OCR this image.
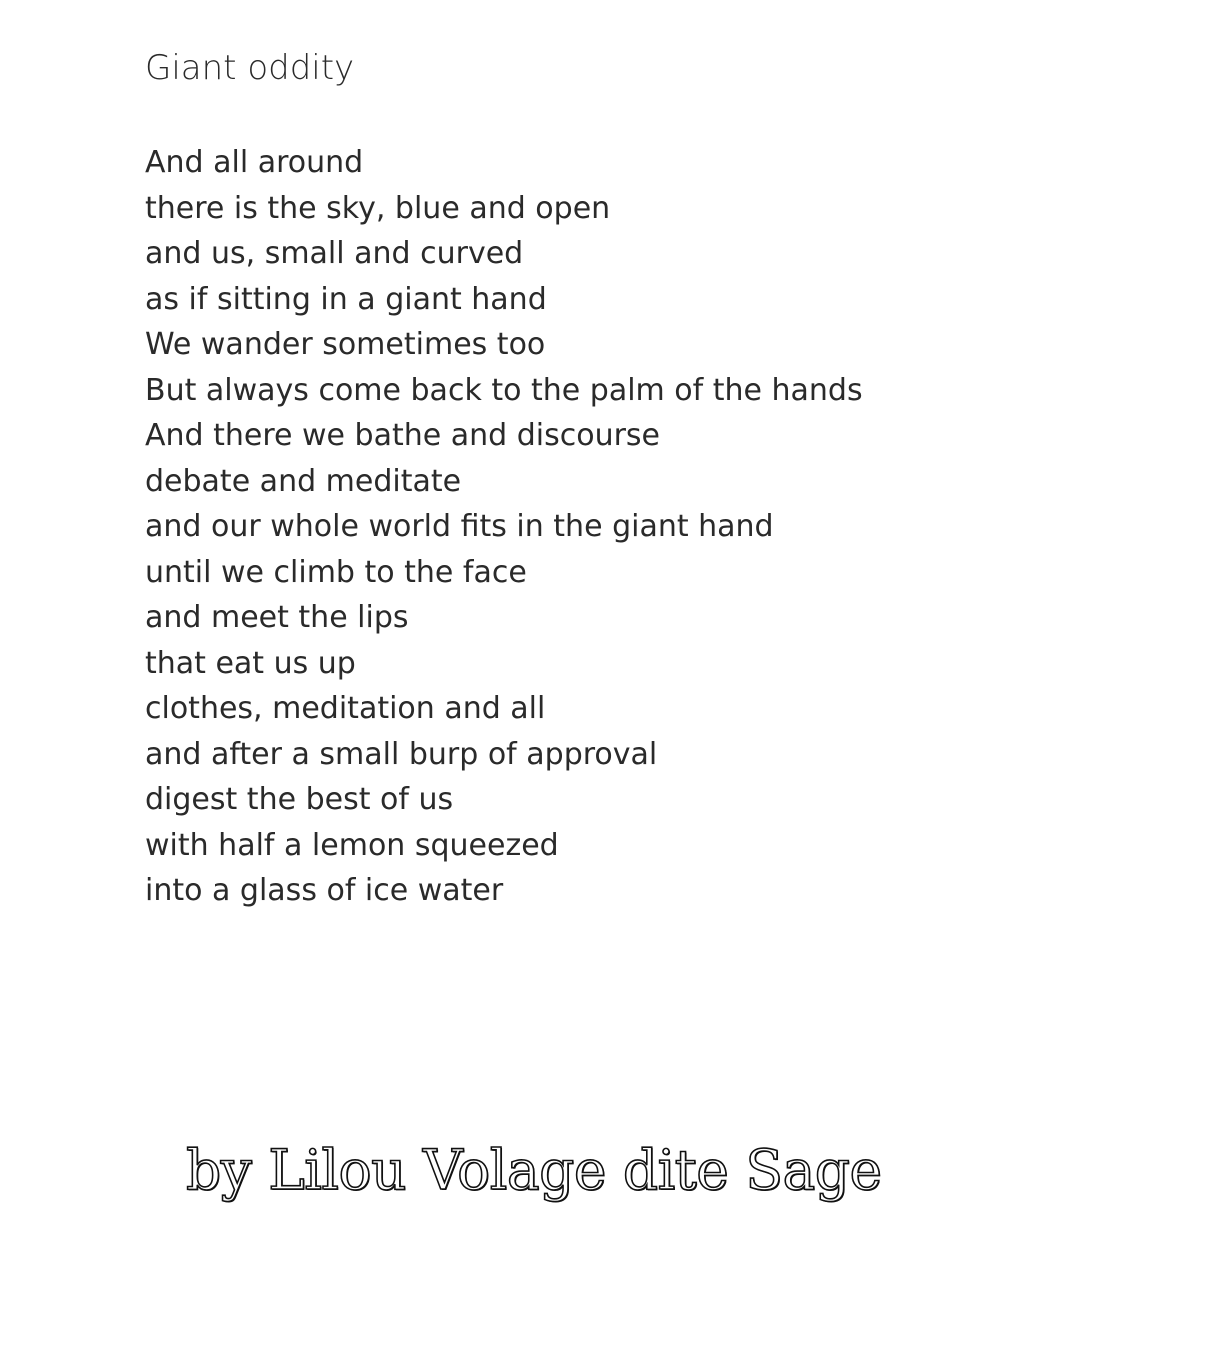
Giant oddity
And all around
there is the sky, blue and open
and us, small and curved
as if sitting in a giant hand
We wander sometimes too
But always come back to the palm of the hands
And there we bathe and discourse
debate and meditate
and our whole world fits in the giant hand
until we climb to the face
and meet the lips
that eat us up
clothes, meditation and all
and after a small burp of approval
digest the best of us
with half a lemon squeezed
into a glass of ice water

by Lilou Volage dite Sage
